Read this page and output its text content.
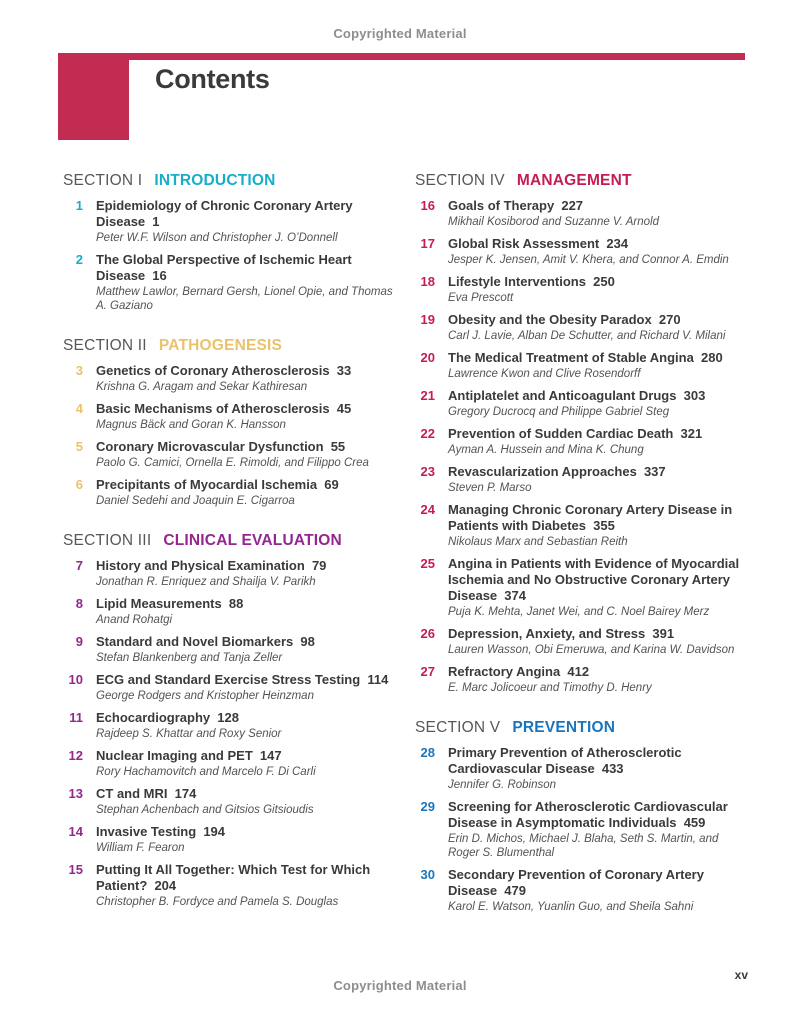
Copyrighted Material
Contents
SECTION I INTRODUCTION
1 Epidemiology of Chronic Coronary Artery Disease 1
Peter W.F. Wilson and Christopher J. O’Donnell
2 The Global Perspective of Ischemic Heart Disease 16
Matthew Lawlor, Bernard Gersh, Lionel Opie, and Thomas A. Gaziano
SECTION II PATHOGENESIS
3 Genetics of Coronary Atherosclerosis 33
Krishna G. Aragam and Sekar Kathiresan
4 Basic Mechanisms of Atherosclerosis 45
Magnus Bäck and Goran K. Hansson
5 Coronary Microvascular Dysfunction 55
Paolo G. Camici, Ornella E. Rimoldi, and Filippo Crea
6 Precipitants of Myocardial Ischemia 69
Daniel Sedehi and Joaquin E. Cigarroa
SECTION III CLINICAL EVALUATION
7 History and Physical Examination 79
Jonathan R. Enriquez and Shailja V. Parikh
8 Lipid Measurements 88
Anand Rohatgi
9 Standard and Novel Biomarkers 98
Stefan Blankenberg and Tanja Zeller
10 ECG and Standard Exercise Stress Testing 114
George Rodgers and Kristopher Heinzman
11 Echocardiography 128
Rajdeep S. Khattar and Roxy Senior
12 Nuclear Imaging and PET 147
Rory Hachamovitch and Marcelo F. Di Carli
13 CT and MRI 174
Stephan Achenbach and Gitsios Gitsioudis
14 Invasive Testing 194
William F. Fearon
15 Putting It All Together: Which Test for Which Patient? 204
Christopher B. Fordyce and Pamela S. Douglas
SECTION IV MANAGEMENT
16 Goals of Therapy 227
Mikhail Kosiborod and Suzanne V. Arnold
17 Global Risk Assessment 234
Jesper K. Jensen, Amit V. Khera, and Connor A. Emdin
18 Lifestyle Interventions 250
Eva Prescott
19 Obesity and the Obesity Paradox 270
Carl J. Lavie, Alban De Schutter, and Richard V. Milani
20 The Medical Treatment of Stable Angina 280
Lawrence Kwon and Clive Rosendorff
21 Antiplatelet and Anticoagulant Drugs 303
Gregory Ducrocq and Philippe Gabriel Steg
22 Prevention of Sudden Cardiac Death 321
Ayman A. Hussein and Mina K. Chung
23 Revascularization Approaches 337
Steven P. Marso
24 Managing Chronic Coronary Artery Disease in Patients with Diabetes 355
Nikolaus Marx and Sebastian Reith
25 Angina in Patients with Evidence of Myocardial Ischemia and No Obstructive Coronary Artery Disease 374
Puja K. Mehta, Janet Wei, and C. Noel Bairey Merz
26 Depression, Anxiety, and Stress 391
Lauren Wasson, Obi Emeruwa, and Karina W. Davidson
27 Refractory Angina 412
E. Marc Jolicoeur and Timothy D. Henry
SECTION V PREVENTION
28 Primary Prevention of Atherosclerotic Cardiovascular Disease 433
Jennifer G. Robinson
29 Screening for Atherosclerotic Cardiovascular Disease in Asymptomatic Individuals 459
Erin D. Michos, Michael J. Blaha, Seth S. Martin, and Roger S. Blumenthal
30 Secondary Prevention of Coronary Artery Disease 479
Karol E. Watson, Yuanlin Guo, and Sheila Sahni
Copyrighted Material
xv
